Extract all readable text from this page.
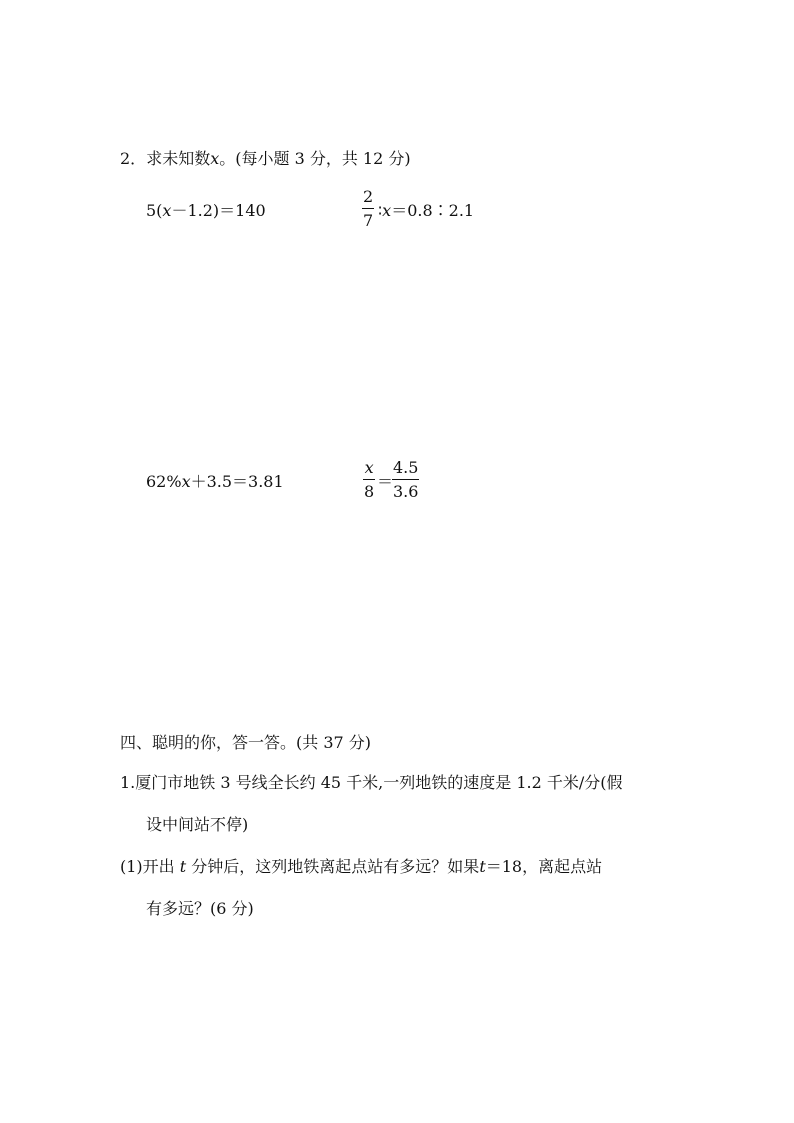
2．求未知数x。(每小题 3 分，共 12 分)
5(x－1.2)＝140
2
7
∶x＝0.8∶2.1
62%x＋3.5＝3.81
x
8
＝
4.5
3.6
四、聪明的你，答一答。(共 37 分)
1.厦门市地铁 3 号线全长约 45 千米,一列地铁的速度是 1.2 千米/分(假
设中间站不停)
(1)开出 t 分钟后，这列地铁离起点站有多远？如果t＝18，离起点站
有多远？(6 分)
